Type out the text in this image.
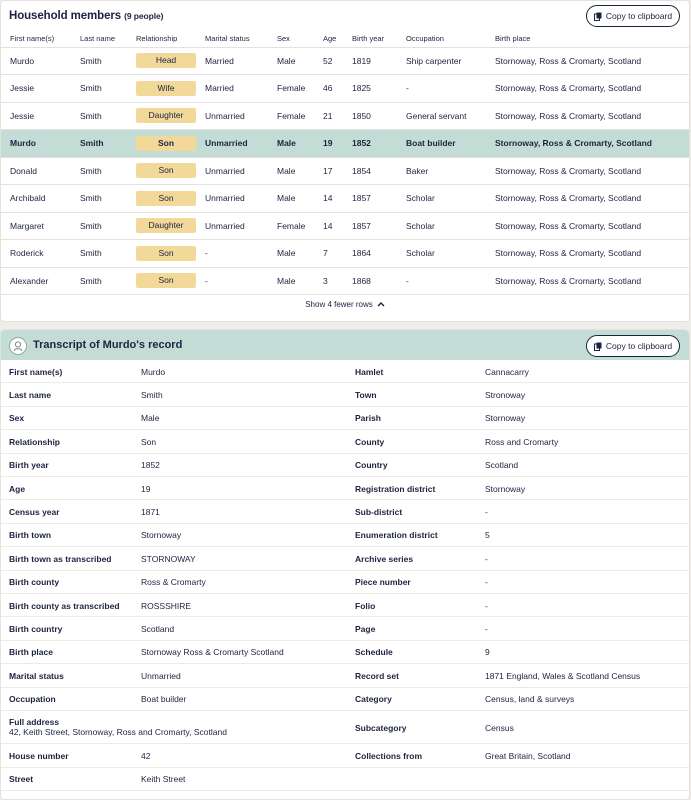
Household members (9 people)	Copy to clipboard
First name(s)	Last name	Relationship	Marital status	Sex	Age	Birth year	Occupation	Birth place
Murdo	Smith	Head	Married	Male	52	1819	Ship carpenter	Stornoway, Ross & Cromarty, Scotland
Jessie	Smith	Wife	Married	Female	46	1825	-	Stornoway, Ross & Cromarty, Scotland
Jessie	Smith	Daughter	Unmarried	Female	21	1850	General servant	Stornoway, Ross & Cromarty, Scotland
Murdo	Smith	Son	Unmarried	Male	19	1852	Boat builder	Stornoway, Ross & Cromarty, Scotland
Donald	Smith	Son	Unmarried	Male	17	1854	Baker	Stornoway, Ross & Cromarty, Scotland
Archibald	Smith	Son	Unmarried	Male	14	1857	Scholar	Stornoway, Ross & Cromarty, Scotland
Margaret	Smith	Daughter	Unmarried	Female	14	1857	Scholar	Stornoway, Ross & Cromarty, Scotland
Roderick	Smith	Son	-	Male	7	1864	Scholar	Stornoway, Ross & Cromarty, Scotland
Alexander	Smith	Son	-	Male	3	1868	-	Stornoway, Ross & Cromarty, Scotland
Show 4 fewer rows
Transcript of Murdo's record	Copy to clipboard
First name(s)	Murdo	Hamlet	Cannacarry
Last name	Smith	Town	Stronoway
Sex	Male	Parish	Stornoway
Relationship	Son	County	Ross and Cromarty
Birth year	1852	Country	Scotland
Age	19	Registration district	Stornoway
Census year	1871	Sub-district	-
Birth town	Stornoway	Enumeration district	5
Birth town as transcribed	STORNOWAY	Archive series	-
Birth county	Ross & Cromarty	Piece number	-
Birth county as transcribed	ROSSSHIRE	Folio	-
Birth country	Scotland	Page	-
Birth place	Stornoway Ross & Cromarty Scotland	Schedule	9
Marital status	Unmarried	Record set	1871 England, Wales & Scotland Census
Occupation	Boat builder	Category	Census, land & surveys
Full address
42, Keith Street, Stornoway, Ross and Cromarty, Scotland	Subcategory	Census
House number	42	Collections from	Great Britain, Scotland
Street	Keith Street
